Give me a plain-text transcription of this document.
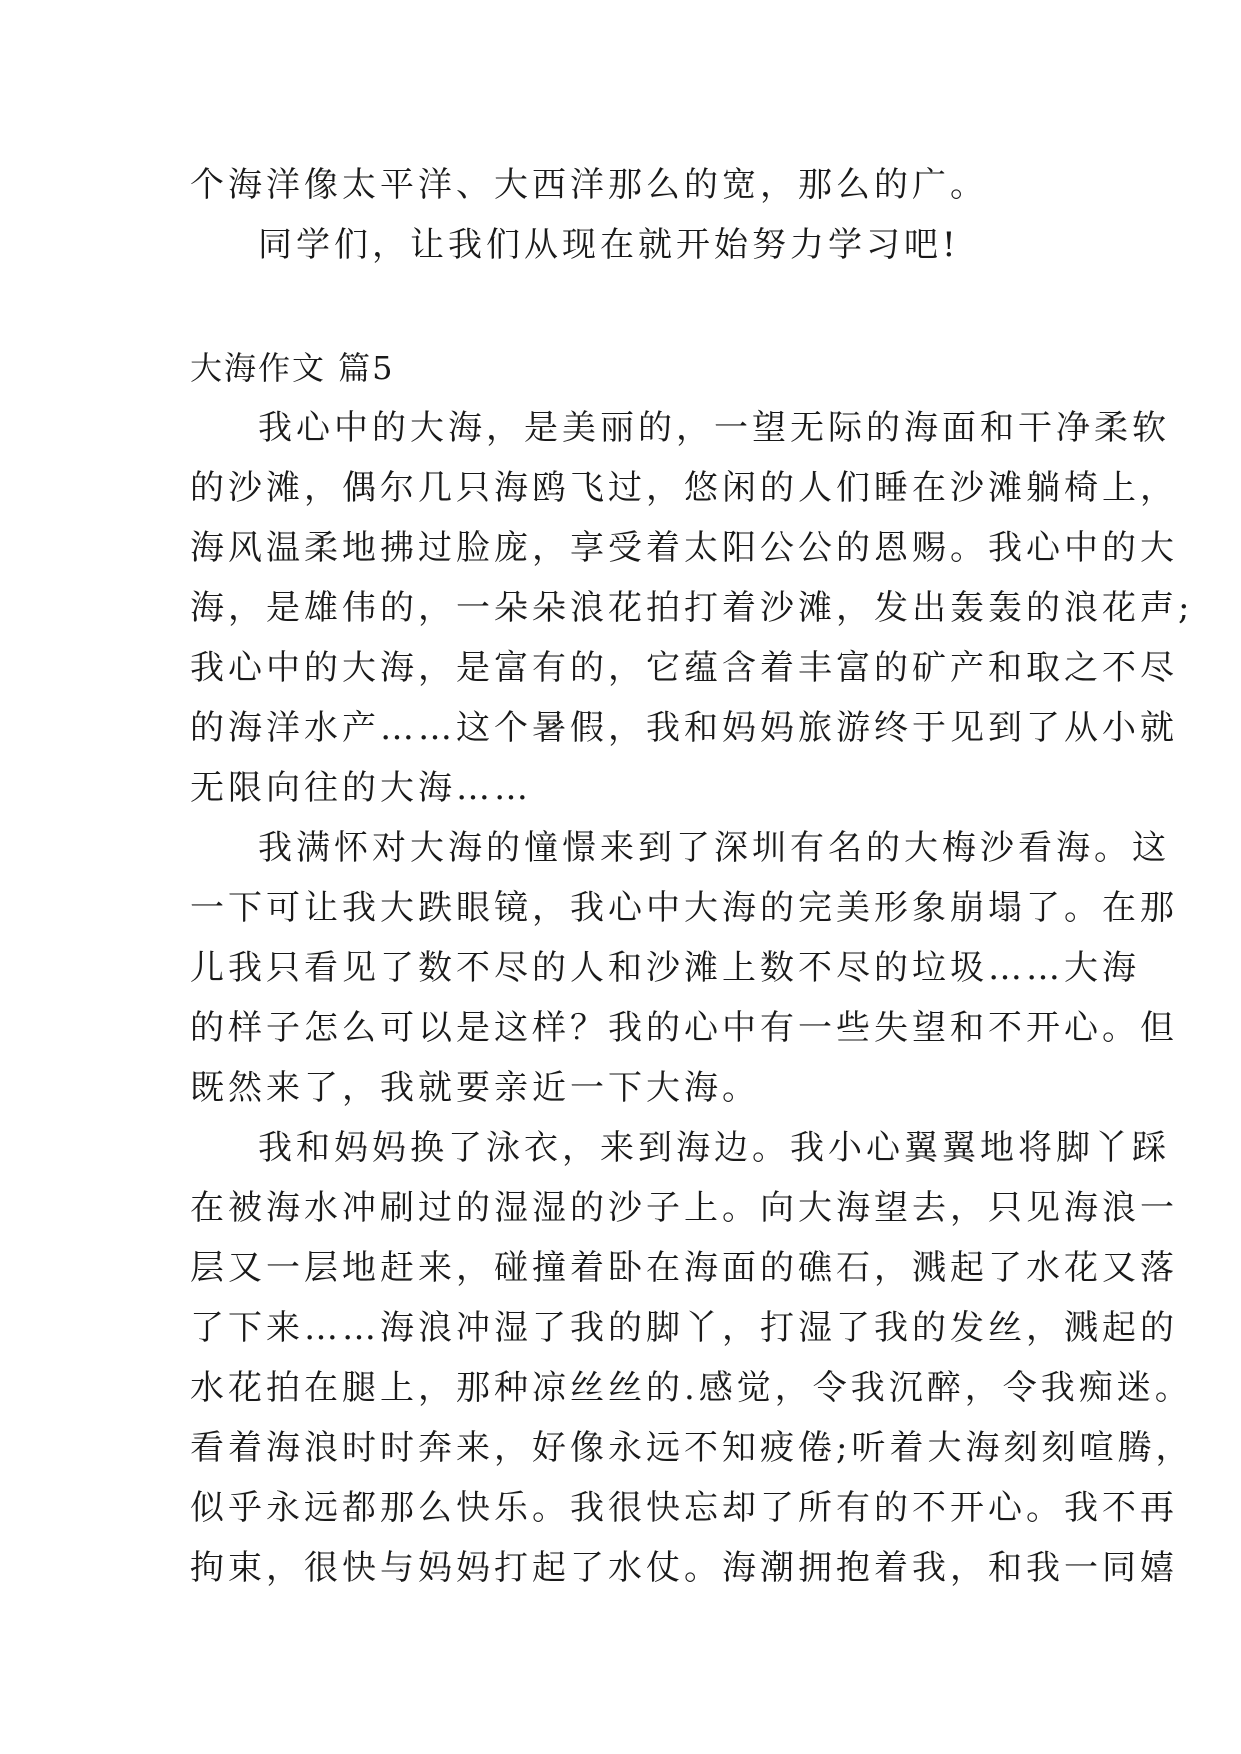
个海洋像太平洋、大西洋那么的宽，那么的广。

同学们，让我们从现在就开始努力学习吧!

大海作文 篇5

我心中的大海，是美丽的，一望无际的海面和干净柔软

的沙滩，偶尔几只海鸥飞过，悠闲的人们睡在沙滩躺椅上，

海风温柔地拂过脸庞，享受着太阳公公的恩赐。我心中的大

海，是雄伟的，一朵朵浪花拍打着沙滩，发出轰轰的浪花声;

我心中的大海，是富有的，它蕴含着丰富的矿产和取之不尽

的海洋水产……这个暑假，我和妈妈旅游终于见到了从小就

无限向往的大海……

我满怀对大海的憧憬来到了深圳有名的大梅沙看海。这

一下可让我大跌眼镜，我心中大海的完美形象崩塌了。在那

儿我只看见了数不尽的人和沙滩上数不尽的垃圾……大海

的样子怎么可以是这样？我的心中有一些失望和不开心。但

既然来了，我就要亲近一下大海。

我和妈妈换了泳衣，来到海边。我小心翼翼地将脚丫踩

在被海水冲刷过的湿湿的沙子上。向大海望去，只见海浪一

层又一层地赶来，碰撞着卧在海面的礁石，溅起了水花又落

了下来……海浪冲湿了我的脚丫，打湿了我的发丝，溅起的

水花拍在腿上，那种凉丝丝的.感觉，令我沉醉，令我痴迷。

看着海浪时时奔来，好像永远不知疲倦;听着大海刻刻喧腾，

似乎永远都那么快乐。我很快忘却了所有的不开心。我不再

拘束，很快与妈妈打起了水仗。海潮拥抱着我，和我一同嬉
